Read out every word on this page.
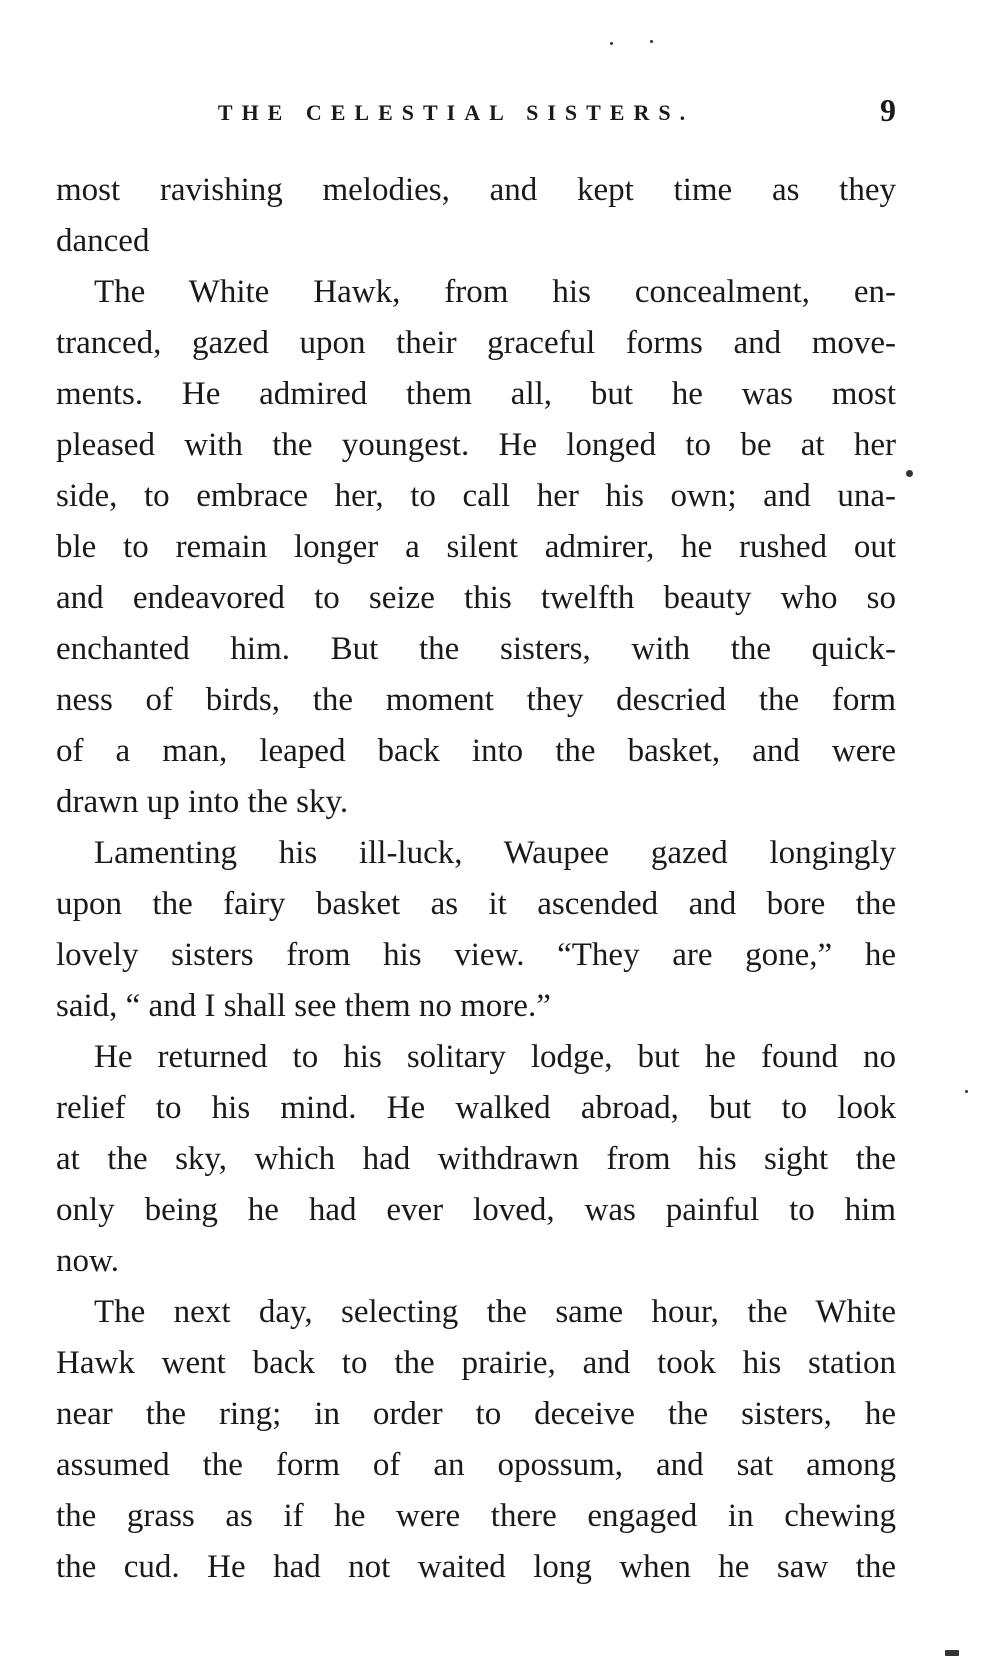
THE CELESTIAL SISTERS.	9
most ravishing melodies, and kept time as they
danced
The White Hawk, from his concealment, en-
tranced, gazed upon their graceful forms and move-
ments. He admired them all, but he was most
pleased with the youngest. He longed to be at her
side, to embrace her, to call her his own; and una-
ble to remain longer a silent admirer, he rushed out
and endeavored to seize this twelfth beauty who so
enchanted him. But the sisters, with the quick-
ness of birds, the moment they descried the form
of a man, leaped back into the basket, and were
drawn up into the sky.
Lamenting his ill-luck, Waupee gazed longingly
upon the fairy basket as it ascended and bore the
lovely sisters from his view. “They are gone,” he
said, “ and I shall see them no more.”
He returned to his solitary lodge, but he found no
relief to his mind. He walked abroad, but to look
at the sky, which had withdrawn from his sight the
only being he had ever loved, was painful to him
now.
The next day, selecting the same hour, the White
Hawk went back to the prairie, and took his station
near the ring; in order to deceive the sisters, he
assumed the form of an opossum, and sat among
the grass as if he were there engaged in chewing
the cud. He had not waited long when he saw the
